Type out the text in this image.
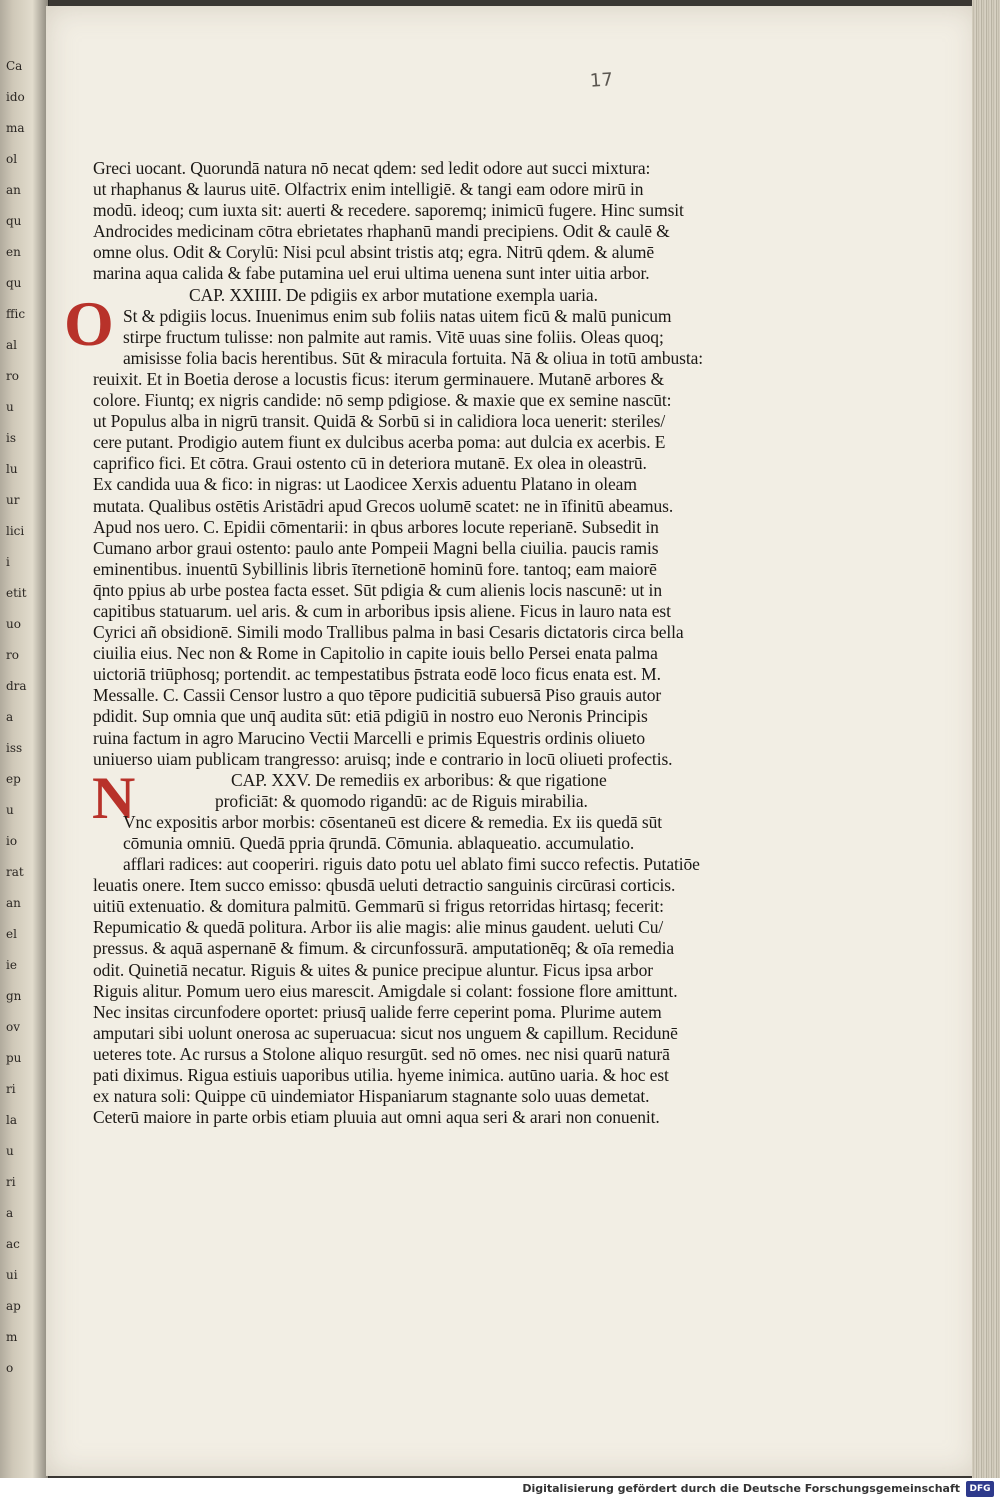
Ca
ido
ma
ol
an
qu
en
qu
ffic
al
ro
u
is
lu
ur
lici
i
etit
uo
ro
dra
a
iss
ep
u
io
rat
an
el
ie
gn
ov
pu
ri
la
u
ri
a
ac
ui
ap
m
o
17
O
N
Greci uocant. Quorundā natura nō necat qdem: sed ledit odore aut succi mixtura:
ut rhaphanus & laurus uitē. Olfactrix enim intelligiē. & tangi eam odore mirū in
modū. ideoq; cum iuxta sit: auerti & recedere. saporemq; inimicū fugere. Hinc sumsit
Androcides medicinam cōtra ebrietates rhaphanū mandi precipiens. Odit & caulē &
omne olus. Odit & Corylū: Nisi pcul absint tristis atq; egra. Nitrū qdem. & alumē
marina aqua calida & fabe putamina uel erui ultima uenena sunt inter uitia arbor.
CAP. XXIIII. De pdigiis ex arbor mutatione exempla uaria.
St & pdigiis locus. Inuenimus enim sub foliis natas uitem ficū & malū punicum
stirpe fructum tulisse: non palmite aut ramis. Vitē uuas sine foliis. Oleas quoq;
amisisse folia bacis herentibus. Sūt & miracula fortuita. Nā & oliua in totū ambusta:
reuixit. Et in Boetia derose a locustis ficus: iterum germinauere. Mutanē arbores &
colore. Fiuntq; ex nigris candide: nō semp pdigiose. & maxie que ex semine nascūt:
ut Populus alba in nigrū transit. Quidā & Sorbū si in calidiora loca uenerit: steriles/
cere putant. Prodigio autem fiunt ex dulcibus acerba poma: aut dulcia ex acerbis. E
caprifico fici. Et cōtra. Graui ostento cū in deteriora mutanē. Ex olea in oleastrū.
Ex candida uua & fico: in nigras: ut Laodicee Xerxis aduentu Platano in oleam
mutata. Qualibus ostētis Aristādri apud Grecos uolumē scatet: ne in īfinitū abeamus.
Apud nos uero. C. Epidii cōmentarii: in qbus arbores locute reperianē. Subsedit in
Cumano arbor graui ostento: paulo ante Pompeii Magni bella ciuilia. paucis ramis
eminentibus. inuentū Sybillinis libris īternetionē hominū fore. tantoq; eam maiorē
q̄nto ppius ab urbe postea facta esset. Sūt pdigia & cum alienis locis nascunē: ut in
capitibus statuarum. uel aris. & cum in arboribus ipsis aliene. Ficus in lauro nata est
Cyrici añ obsidionē. Simili modo Trallibus palma in basi Cesaris dictatoris circa bella
ciuilia eius. Nec non & Rome in Capitolio in capite iouis bello Persei enata palma
uictoriā triūphosq; portendit. ac tempestatibus p̄strata eodē loco ficus enata est. M.
Messalle. C. Cassii Censor lustro a quo tēpore pudicitiā subuersā Piso grauis autor
pdidit. Sup omnia que unq̄ audita sūt: etiā pdigiū in nostro euo Neronis Principis
ruina factum in agro Marucino Vectii Marcelli e primis Equestris ordinis oliueto
uniuerso uiam publicam trangresso: aruisq; inde e contrario in locū oliueti profectis.
CAP. XXV. De remediis ex arboribus: & que rigatione
proficiāt: & quomodo rigandū: ac de Riguis mirabilia.
Vnc expositis arbor morbis: cōsentaneū est dicere & remedia. Ex iis quedā sūt
cōmunia omniū. Quedā ppria q̄rundā. Cōmunia. ablaqueatio. accumulatio.
afflari radices: aut cooperiri. riguis dato potu uel ablato fimi succo refectis. Putatiōe
leuatis onere. Item succo emisso: qbusdā ueluti detractio sanguinis circūrasi corticis.
uitiū extenuatio. & domitura palmitū. Gemmarū si frigus retorridas hirtasq; fecerit:
Repumicatio & quedā politura. Arbor iis alie magis: alie minus gaudent. ueluti Cu/
pressus. & aquā aspernanē & fimum. & circunfossurā. amputationēq; & oīa remedia
odit. Quinetiā necatur. Riguis & uites & punice precipue aluntur. Ficus ipsa arbor
Riguis alitur. Pomum uero eius marescit. Amigdale si colant: fossione flore amittunt.
Nec insitas circunfodere oportet: priusq̄ ualide ferre ceperint poma. Plurime autem
amputari sibi uolunt onerosa ac superuacua: sicut nos unguem & capillum. Recidunē
ueteres tote. Ac rursus a Stolone aliquo resurgūt. sed nō omes. nec nisi quarū naturā
pati diximus. Rigua estiuis uaporibus utilia. hyeme inimica. autūno uaria. & hoc est
ex natura soli: Quippe cū uindemiator Hispaniarum stagnante solo uuas demetat.
Ceterū maiore in parte orbis etiam pluuia aut omni aqua seri & arari non conuenit.
Digitalisierung gefördert durch die Deutsche Forschungsgemeinschaft	DFG
